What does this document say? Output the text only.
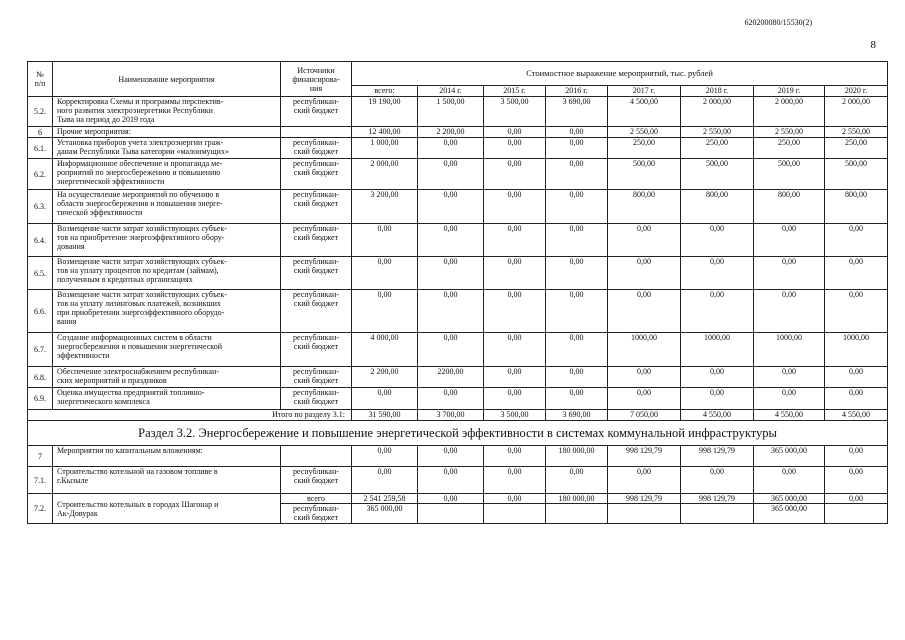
620200080/15530(2)
8
№
п/п	Наименование мероприятия	Источники
финансирова-
ния	Стоимостное выражение мероприятий, тыс. рублей							
			всего:	2014 г.	2015 г.	2016 г.	2017 г.	2018 г.	2019 г.	2020 г.
5.2.	Корректировка Схемы и программы перспектив-
ного развития электроэнергетики Республики
Тыва на период до 2019 года	республикан-
ский бюджет	19 190,00	1 500,00	3 500,00	3 690,00	4 500,00	2 000,00	2 000,00	2 000,00
6	Прочие мероприятия:		12 400,00	2 200,00	0,00	0,00	2 550,00	2 550,00	2 550,00	2 550,00
6.1.	Установка приборов учета электроэнергии граж-
данам Республики Тыва категории «малоимущих»	республикан-
ский бюджет	1 000,00	0,00	0,00	0,00	250,00	250,00	250,00	250,00
6.2.	Информационное обеспечение и пропаганда ме-
роприятий по энергосбережению и повышению
энергетической эффективности	республикан-
ский бюджет	2 000,00	0,00	0,00	0,00	500,00	500,00	500,00	500,00
6.3.	На осуществление мероприятий по обучению в
области энергосбережения и повышения энерге-
тической эффективности	республикан-
ский бюджет	3 200,00	0,00	0,00	0,00	800,00	800,00	800,00	800,00
6.4.	Возмещение части затрат хозяйствующих субъек-
тов на приобретение энергоэффективного обору-
дования	республикан-
ский бюджет	0,00	0,00	0,00	0,00	0,00	0,00	0,00	0,00
6.5.	Возмещение части затрат хозяйствующих субъек-
тов на уплату процентов по кредитам (займам),
полученным в кредитных организациях	республикан-
ский бюджет	0,00	0,00	0,00	0,00	0,00	0,00	0,00	0,00
6.6.	Возмещение части затрат хозяйствующих субъек-
тов на уплату лизинговых платежей, возникших
при приобретении энергоэффективного оборудо-
вания	республикан-
ский бюджет	0,00	0,00	0,00	0,00	0,00	0,00	0,00	0,00
6.7.	Создание информационных систем в области
энергосбережения и повышения энергетической
эффективности	республикан-
ский бюджет	4 000,00	0,00	0,00	0,00	1000,00	1000,00	1000,00	1000,00
6.8.	Обеспечение электроснабжением республикан-
ских мероприятий и праздников	республикан-
ский бюджет	2 200,00	2200,00	0,00	0,00	0,00	0,00	0,00	0,00
6.9.	Оценка имущества предприятий топливно-
энергетического комплекса	республикан-
ский бюджет	0,00	0,00	0,00	0,00	0,00	0,00	0,00	0,00
Итого по разделу 3.1:			31 590,00	3 700,00	3 500,00	3 690,00	7 050,00	4 550,00	4 550,00	4 550,00
Раздел 3.2. Энергосбережение и повышение энергетической эффективности в системах коммунальной инфраструктуры										
7	Мероприятия по капитальным вложениям:		0,00	0,00	0,00	180 000,00	998 129,79	998 129,79	365 000,00	0,00
7.1.	Строительство котельной на газовом топливе в
г.Кызыле	республикан-
ский бюджет	0,00	0,00	0,00	0,00	0,00	0,00	0,00	0,00
7.2.	Строительство котельных в городах Шагонар и
Ак-Довурак	всего	2 541 259,58	0,00	0,00	180 000,00	998 129,79	998 129,79	365 000,00	0,00
		республикан-
ский бюджет	365 000,00						365 000,00	
